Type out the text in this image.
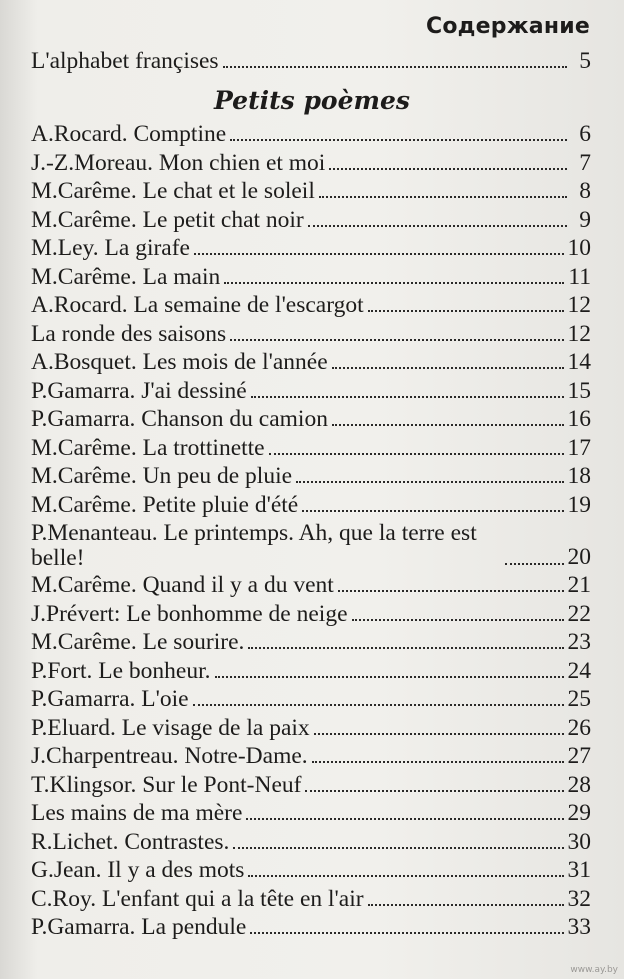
Содержание
L'alphabet françises	5
Petits poèmes
A.Rocard. Comptine	6
J.-Z.Moreau. Mon chien et moi	7
M.Carême. Le chat et le soleil	8
M.Carême. Le petit chat noir	9
M.Ley. La girafe	10
M.Carême. La main	11
A.Rocard. La semaine de l'escargot	12
La ronde des saisons	12
A.Bosquet. Les mois de l'année	14
P.Gamarra. J'ai dessiné	15
P.Gamarra. Chanson du camion	16
M.Carême. La trottinette	17
M.Carême. Un peu de pluie	18
M.Carême. Petite pluie d'été	19
P.Menanteau. Le printemps. Ah, que la terre est belle!	20
M.Carême. Quand il y a du vent	21
J.Prévert: Le bonhomme de neige	22
M.Carême. Le sourire.	23
P.Fort. Le bonheur.	24
P.Gamarra. L'oie	25
P.Eluard. Le visage de la paix	26
J.Charpentreau. Notre-Dame.	27
T.Klingsor. Sur le Pont-Neuf	28
Les mains de ma mère	29
R.Lichet. Contrastes.	30
G.Jean. Il y a des mots	31
C.Roy. L'enfant qui a la tête en l'air	32
P.Gamarra. La pendule	33
www.ay.by
